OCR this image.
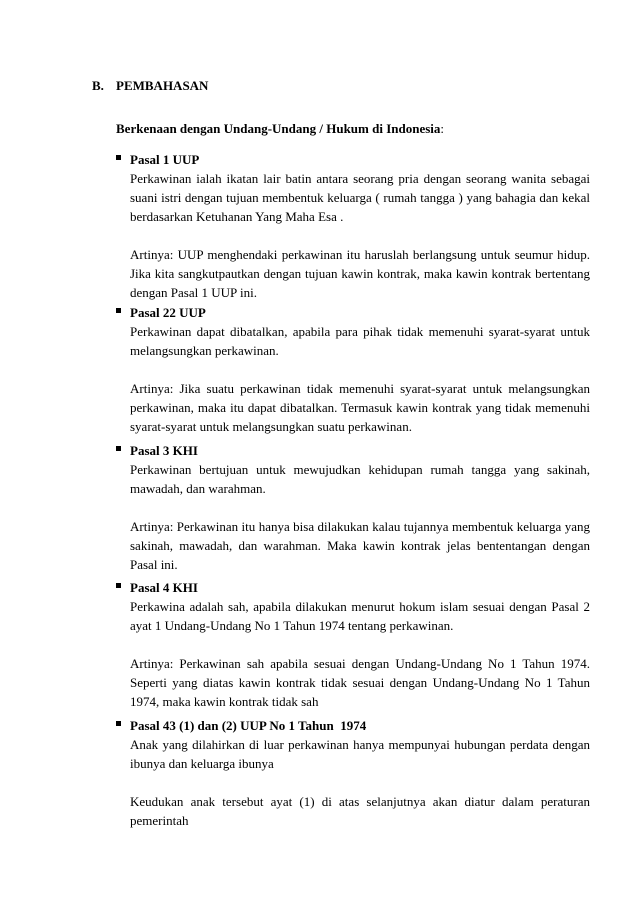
B. PEMBAHASAN
Berkenaan dengan Undang-Undang / Hukum di Indonesia:
Pasal 1 UUP
Perkawinan ialah ikatan lair batin antara seorang pria dengan seorang wanita sebagai suani istri dengan tujuan membentuk keluarga ( rumah tangga ) yang bahagia dan kekal berdasarkan Ketuhanan Yang Maha Esa .
Artinya: UUP menghendaki perkawinan itu haruslah berlangsung untuk seumur hidup. Jika kita sangkutpautkan dengan tujuan kawin kontrak, maka kawin kontrak bertentang dengan Pasal 1 UUP ini.
Pasal 22 UUP
Perkawinan dapat dibatalkan, apabila para pihak tidak memenuhi syarat-syarat untuk melangsungkan perkawinan.
Artinya: Jika suatu perkawinan tidak memenuhi syarat-syarat untuk melangsungkan perkawinan, maka itu dapat dibatalkan. Termasuk kawin kontrak yang tidak memenuhi syarat-syarat untuk melangsungkan suatu perkawinan.
Pasal 3 KHI
Perkawinan bertujuan untuk mewujudkan kehidupan rumah tangga yang sakinah, mawadah, dan warahman.
Artinya: Perkawinan itu hanya bisa dilakukan kalau tujannya membentuk keluarga yang sakinah, mawadah, dan warahman. Maka kawin kontrak jelas bententangan dengan Pasal ini.
Pasal 4 KHI
Perkawina adalah sah, apabila dilakukan menurut hokum islam sesuai dengan Pasal 2 ayat 1 Undang-Undang No 1 Tahun 1974 tentang perkawinan.
Artinya: Perkawinan sah apabila sesuai dengan Undang-Undang No 1 Tahun 1974. Seperti yang diatas kawin kontrak tidak sesuai dengan Undang-Undang No 1 Tahun 1974, maka kawin kontrak tidak sah
Pasal 43 (1) dan (2) UUP No 1 Tahun  1974
Anak yang dilahirkan di luar perkawinan hanya mempunyai hubungan perdata dengan ibunya dan keluarga ibunya
Keudukan anak tersebut ayat (1) di atas selanjutnya akan diatur dalam peraturan pemerintah
